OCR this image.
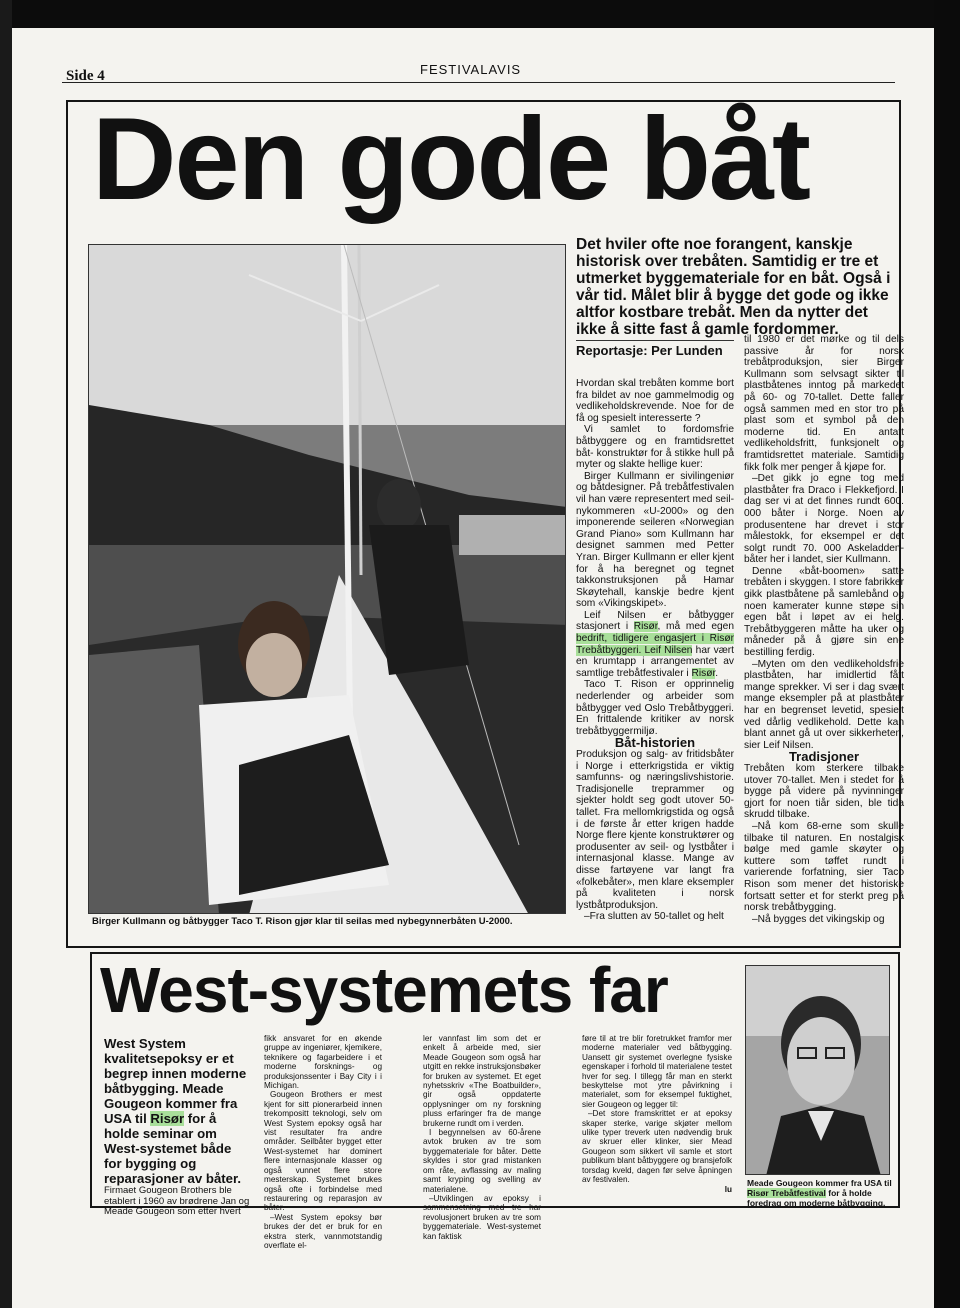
Side 4	FESTIVALAVIS
Den gode båt
Birger Kullmann og båtbygger Taco T. Rison gjør klar til seilas med nybegynnerbåten U-2000.
Det hviler ofte noe forangent, kanskje historisk over trebåten. Samtidig er tre et utmerket byggemateriale for en båt. Også i vår tid. Målet blir å bygge det gode og ikke altfor kostbare trebåt. Men da nytter det ikke å sitte fast å gamle fordommer.
Reportasje: Per Lunden

Hvordan skal trebåten komme bort fra bildet av noe gammelmodig og vedlikeholdskrevende. Noe for de få og spesielt interesserte ?

Vi samlet to fordomsfrie båtbyggere og en framtidsrettet båt- konstruktør for å stikke hull på myter og slakte hellige kuer:

Birger Kullmann er sivilingeniør og båtdesigner. På trebåtfestivalen vil han være representert med seil-nykommeren «U-2000» og den imponerende seileren «Norwegian Grand Piano» som Kullmann har designet sammen med Petter Yran. Birger Kullmann er eller kjent for å ha beregnet og tegnet takkonstruksjonen på Hamar Skøytehall, kanskje bedre kjent som «Vikingskipet».

Leif Nilsen er båtbygger stasjonert i Risør, må med egen bedrift, tidligere engasjert i Risør Trebåtbyggeri. Leif Nilsen har vært en krumtapp i arrangementet av samtlige trebåtfestivaler i Risør.

Taco T. Rison er opprinnelig nederlender og arbeider som båtbygger ved Oslo Trebåtbyggeri. En frittalende kritiker av norsk trebåtbyggermiljø.

Båt-historien

Produksjon og salg- av fritidsbåter i Norge i etterkrigstida er viktig samfunns- og næringslivshistorie. Tradisjonelle treprammer og sjekter holdt seg godt utover 50-tallet. Fra mellomkrigstida og også i de første år etter krigen hadde Norge flere kjente konstruktører og produsenter av seil- og lystbåter i internasjonal klasse. Mange av disse fartøyene var langt fra «folkebåter», men klare eksempler på kvaliteten i norsk lystbåtproduksjon.

–Fra slutten av 50-tallet og helt

til 1980 er det mørke og til dels passive år for norsk trebåtproduksjon, sier Birger Kullmann som selvsagt sikter til plastbåtenes inntog på markedet på 60- og 70-tallet. Dette faller også sammen med en stor tro på plast som et symbol på den moderne tid. En antatt vedlikeholdsfritt, funksjonelt og framtidsrettet materiale. Samtidig fikk folk mer penger å kjøpe for.

–Det gikk jo egne tog med plastbåter fra Draco i Flekkefjord. I dag ser vi at det finnes rundt 600. 000 båter i Norge. Noen av produsentene har drevet i stor målestokk, for eksempel er det solgt rundt 70. 000 Askeladden-båter her i landet, sier Kullmann.

Denne «båt-boomen» satte trebåten i skyggen. I store fabrikker gikk plastbåtene på samlebånd og noen kamerater kunne støpe sin egen båt i løpet av ei helg. Trebåtbyggeren måtte ha uker og måneder på å gjøre sin ene bestilling ferdig.

–Myten om den vedlikeholdsfrie plastbåten, har imidlertid fått mange sprekker. Vi ser i dag svært mange eksempler på at plastbåter har en begrenset levetid, spesielt ved dårlig vedlikehold. Dette kan blant annet gå ut over sikkerheten, sier Leif Nilsen.

Tradisjoner

Trebåten kom sterkere tilbake utover 70-tallet. Men i stedet for å bygge på videre på nyvinninger gjort for noen tiår siden, ble tida skrudd tilbake.

–Nå kom 68-erne som skulle tilbake til naturen. En nostalgisk bølge med gamle skøyter og kuttere som tøffet rundt i varierende forfatning, sier Taco Rison som mener det historiske fortsatt setter et for sterkt preg på norsk trebåtbygging.

–Nå bygges det vikingskip og

West-systemets far
West System kvalitetsepoksy er et begrep innen moderne båtbygging. Meade Gougeon kommer fra USA til Risør for å holde seminar om West-systemet både for bygging og reparasjoner av båter.
Firmaet Gougeon Brothers ble etablert i 1960 av brødrene Jan og Meade Gougeon som etter hvert

fikk ansvaret for en økende gruppe av ingeniører, kjemikere, teknikere og fagarbeidere i et moderne forsknings- og produksjonssenter i Bay City i i Michigan.

Gougeon Brothers er mest kjent for sitt pionerarbeid innen trekompositt teknologi, selv om West System epoksy også har vist resultater fra andre områder. Seilbåter bygget etter West-systemet har dominert flere internasjonale klasser og også vunnet flere store mesterskap. Systemet brukes også ofte i forbindelse med restaurering og reparasjon av båter.

–West System epoksy bør brukes der det er bruk for en ekstra sterk, vannmotstandig overflate el-

ler vannfast lim som det er enkelt å arbeide med, sier Meade Gougeon som også har utgitt en rekke instruksjonsbøker for bruken av systemet. Et eget nyhetsskriv «The Boatbuilder», gir også oppdaterte opplysninger om ny forskning pluss erfaringer fra de mange brukerne rundt om i verden.

I begynnelsen av 60-årene avtok bruken av tre som byggemateriale for båter. Dette skyldes i stor grad mistanken om råte, avflassing av maling samt kryping og svelling av materialene.

–Utviklingen av epoksy i sammensetning med tre har revolusjonert bruken av tre som byggemateriale. West-systemet kan faktisk

føre til at tre blir foretrukket framfor mer moderne materialer ved båtbygging. Uansett gir systemet overlegne fysiske egenskaper i forhold til materialene testet hver for seg. I tillegg får man en sterkt beskyttelse mot ytre påvirkning i materialet, som for eksempel fuktighet, sier Gougeon og legger til:

–Det store framskrittet er at epoksy skaper sterke, varige skjøter mellom ulike typer treverk uten nødvendig bruk av skruer eller klinker, sier Mead Gougeon som sikkert vil samle et stort publikum blant båtbyggere og bransjefolk torsdag kveld, dagen før selve åpningen av festivalen.

lu

Meade Gougeon kommer fra USA til Risør Trebåtfestival for å holde foredrag om moderne båtbygging.
